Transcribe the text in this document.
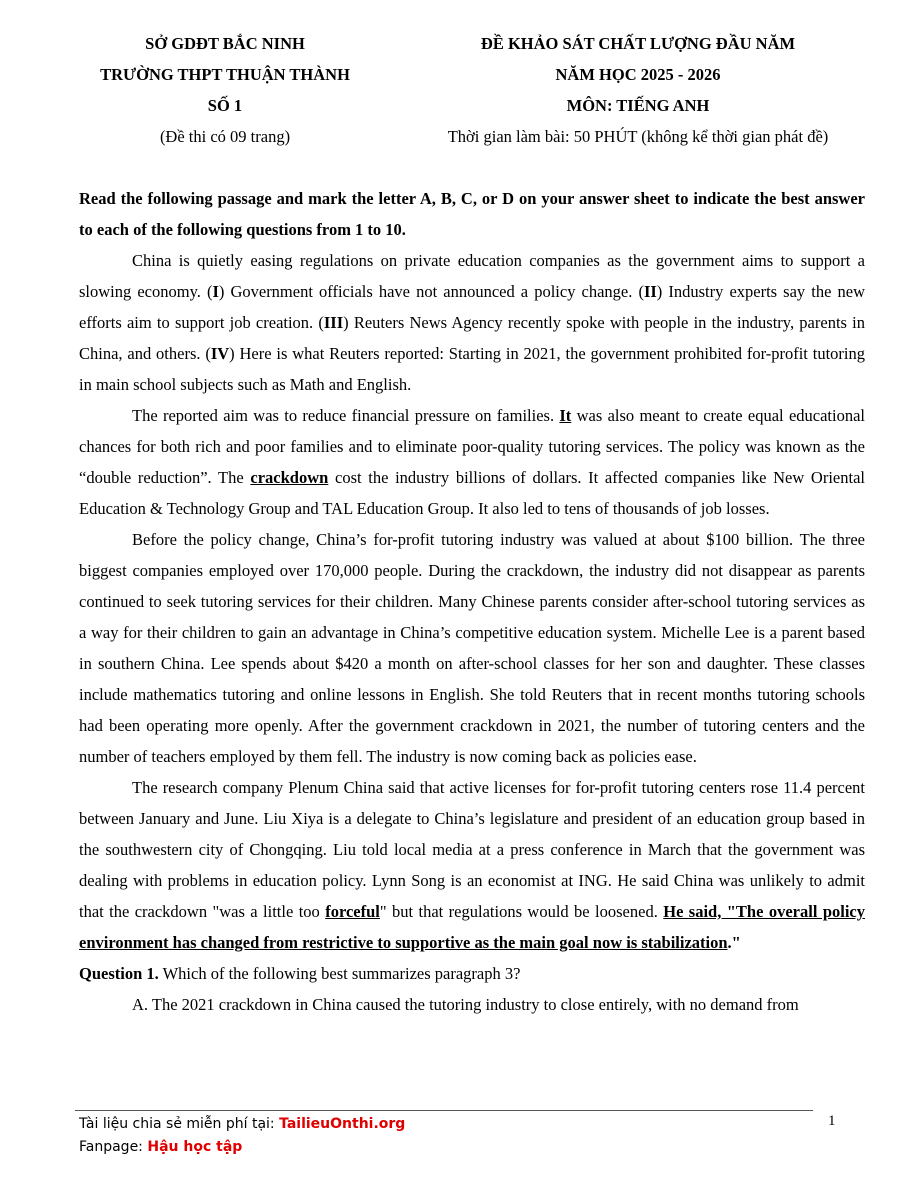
SỞ GDĐT BẮC NINH
TRƯỜNG THPT THUẬN THÀNH
SỐ 1
(Đề thi có 09 trang)
ĐỀ KHẢO SÁT CHẤT LƯỢNG ĐẦU NĂM
NĂM HỌC 2025 - 2026
MÔN: TIẾNG ANH
Thời gian làm bài: 50 PHÚT (không kể thời gian phát đề)

Read the following passage and mark the letter A, B, C, or D on your answer sheet to indicate the best answer to each of the following questions from 1 to 10.

China is quietly easing regulations on private education companies as the government aims to support a slowing economy. (I) Government officials have not announced a policy change. (II) Industry experts say the new efforts aim to support job creation. (III) Reuters News Agency recently spoke with people in the industry, parents in China, and others. (IV) Here is what Reuters reported: Starting in 2021, the government prohibited for-profit tutoring in main school subjects such as Math and English.

The reported aim was to reduce financial pressure on families. It was also meant to create equal educational chances for both rich and poor families and to eliminate poor-quality tutoring services. The policy was known as the “double reduction”. The crackdown cost the industry billions of dollars. It affected companies like New Oriental Education & Technology Group and TAL Education Group. It also led to tens of thousands of job losses.

Before the policy change, China’s for-profit tutoring industry was valued at about $100 billion. The three biggest companies employed over 170,000 people. During the crackdown, the industry did not disappear as parents continued to seek tutoring services for their children. Many Chinese parents consider after-school tutoring services as a way for their children to gain an advantage in China’s competitive education system. Michelle Lee is a parent based in southern China. Lee spends about $420 a month on after-school classes for her son and daughter. These classes include mathematics tutoring and online lessons in English. She told Reuters that in recent months tutoring schools had been operating more openly. After the government crackdown in 2021, the number of tutoring centers and the number of teachers employed by them fell. The industry is now coming back as policies ease.

The research company Plenum China said that active licenses for for-profit tutoring centers rose 11.4 percent between January and June. Liu Xiya is a delegate to China’s legislature and president of an education group based in the southwestern city of Chongqing. Liu told local media at a press conference in March that the government was dealing with problems in education policy. Lynn Song is an economist at ING. He said China was unlikely to admit that the crackdown "was a little too forceful" but that regulations would be loosened. He said, "The overall policy environment has changed from restrictive to supportive as the main goal now is stabilization."

Question 1. Which of the following best summarizes paragraph 3?

A. The 2021 crackdown in China caused the tutoring industry to close entirely, with no demand from

Tài liệu chia sẻ miễn phí tại: TailieuOnthi.org
Fanpage: Hậu học tập
1
